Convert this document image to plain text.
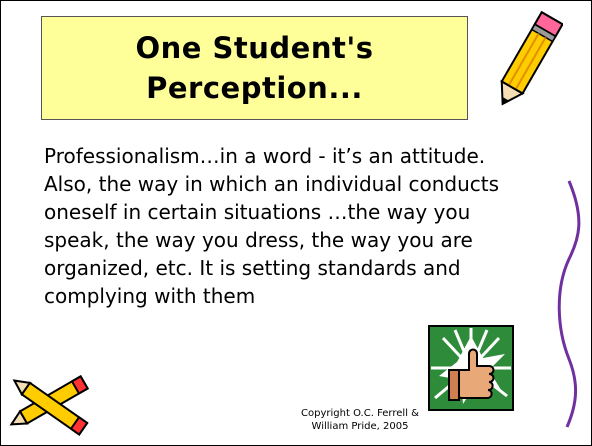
One Student's
Perception...

Professionalism…in a word - it’s an attitude. Also, the way in which an individual conducts oneself in certain situations …the way you speak, the way you dress, the way you are organized, etc. It is setting standards and complying with them

Copyright O.C. Ferrell &
William Pride, 2005
